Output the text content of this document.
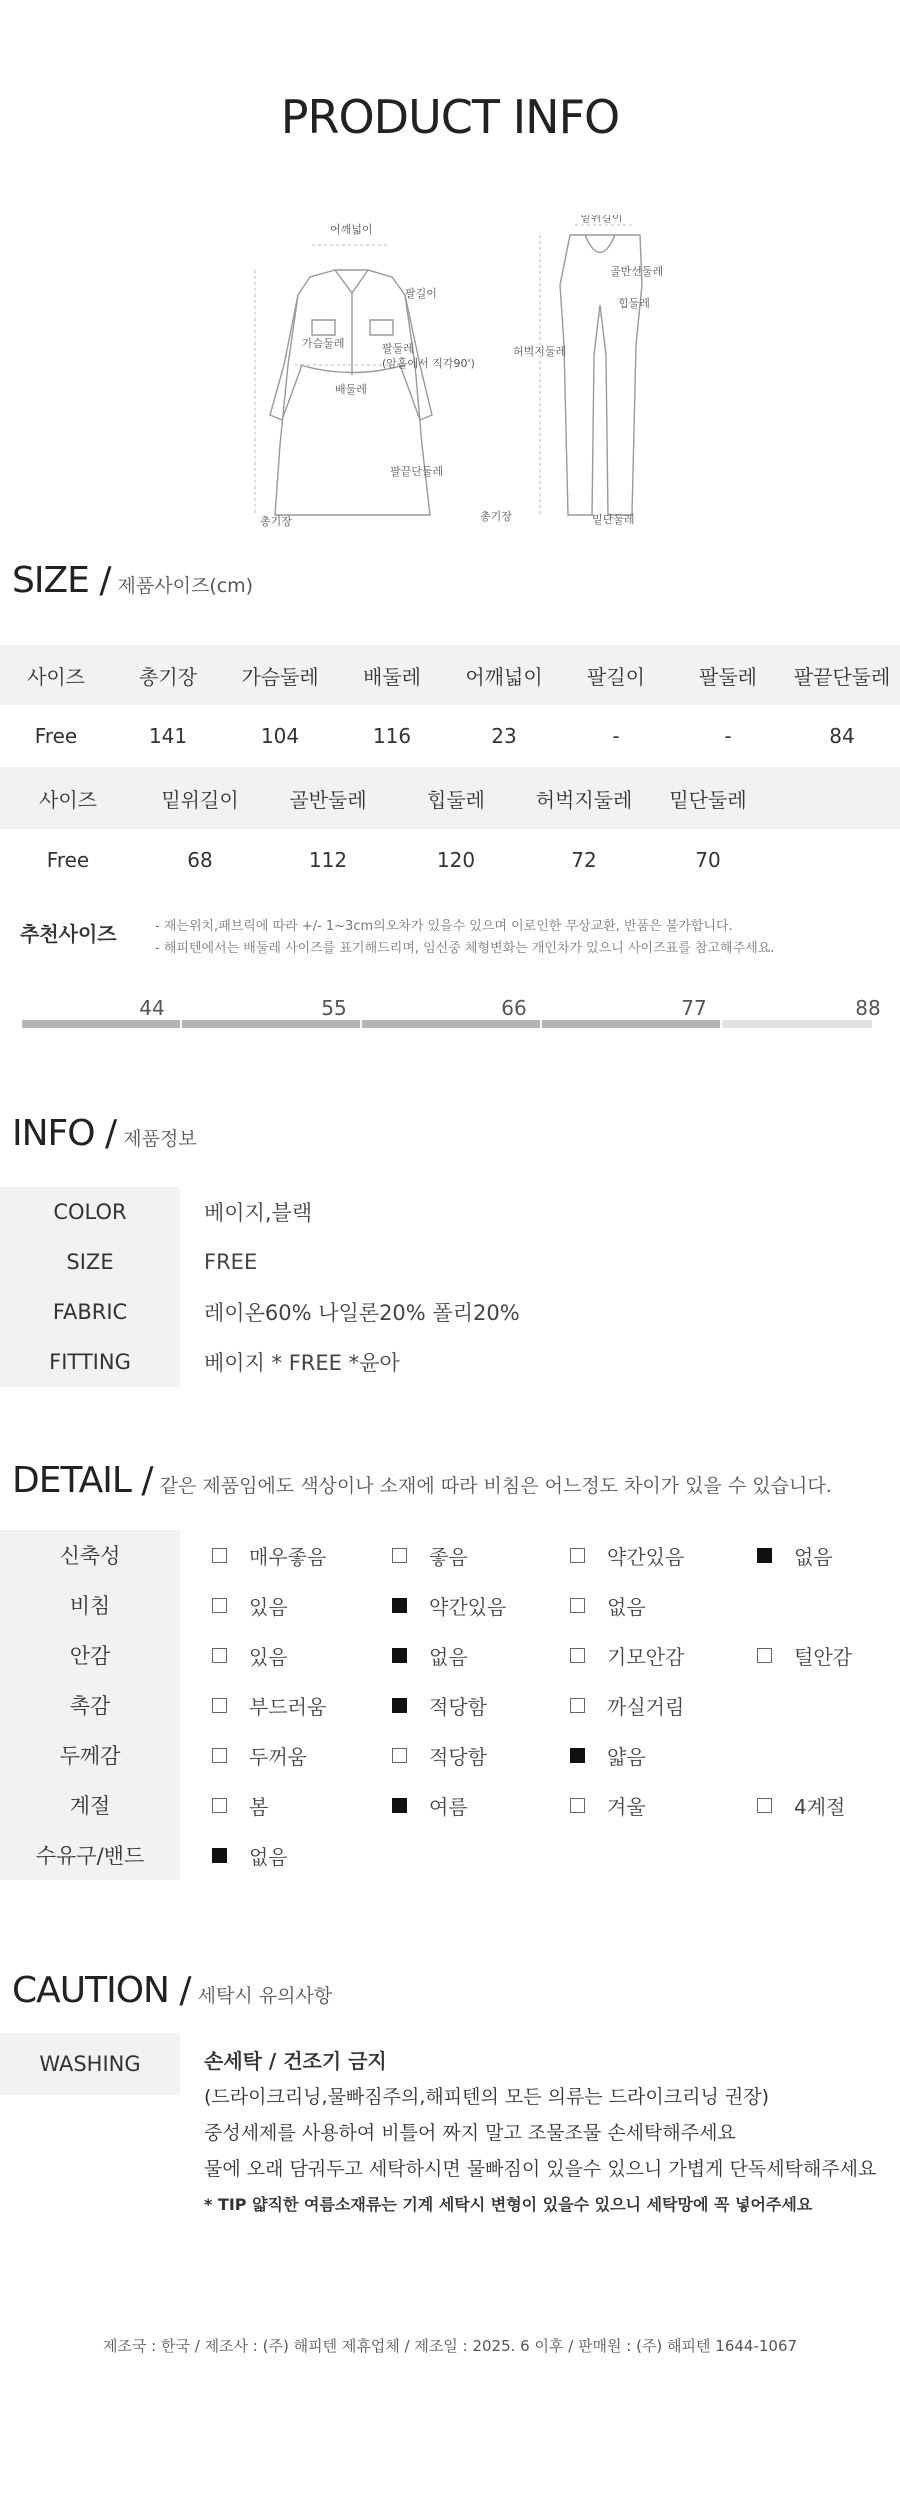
PRODUCT INFO
어깨넓이
팔길이
가슴둘레	팔둘레
(암홀에서 직각90')
배둘레
팔끝단둘레
총기장
밑위길이
골반선둘레
힙둘레
허벅지둘레
총기장	밑단둘레
SIZE / 제품사이즈(cm)
사이즈	총기장	가슴둘레	배둘레	어깨넓이	팔길이	팔둘레	팔끝단둘레
Free	141	104	116	23	-	-	84
사이즈	밑위길이	골반둘레	힙둘레	허벅지둘레	밑단둘레
Free	68	112	120	72	70
추천사이즈	- 재는위치,패브릭에 따라 +/- 1~3cm의오차가 있을수 있으며 이로인한 무상교환, 반품은 불가합니다.
- 해피텐에서는 배둘레 사이즈를 표기해드리며, 임신중 체형변화는 개인차가 있으니 사이즈표를 참고해주세요.
44	55	66	77	88
INFO / 제품정보
COLOR	베이지,블랙
SIZE	FREE
FABRIC	레이온60% 나일론20% 폴리20%
FITTING	베이지 * FREE *윤아
DETAIL / 같은 제품임에도 색상이나 소재에 따라 비침은 어느정도 차이가 있을 수 있습니다.
신축성	매우좋음	좋음	약간있음	없음
비침	있음	약간있음	없음
안감	있음	없음	기모안감	털안감
촉감	부드러움	적당함	까실거림
두께감	두꺼움	적당함	얇음
계절	봄	여름	겨울	4계절
수유구/밴드	없음
CAUTION / 세탁시 유의사항
WASHING	손세탁 / 건조기 금지
(드라이크리닝,물빠짐주의,해피텐의 모든 의류는 드라이크리닝 권장)
중성세제를 사용하여 비틀어 짜지 말고 조물조물 손세탁해주세요
물에 오래 담궈두고 세탁하시면 물빠짐이 있을수 있으니 가볍게 단독세탁해주세요
* TIP 얇직한 여름소재류는 기계 세탁시 변형이 있을수 있으니 세탁망에 꼭 넣어주세요
제조국 : 한국 / 제조사 : (주) 해피텐 제휴업체 / 제조일 : 2025. 6 이후 / 판매원 : (주) 해피텐 1644-1067
